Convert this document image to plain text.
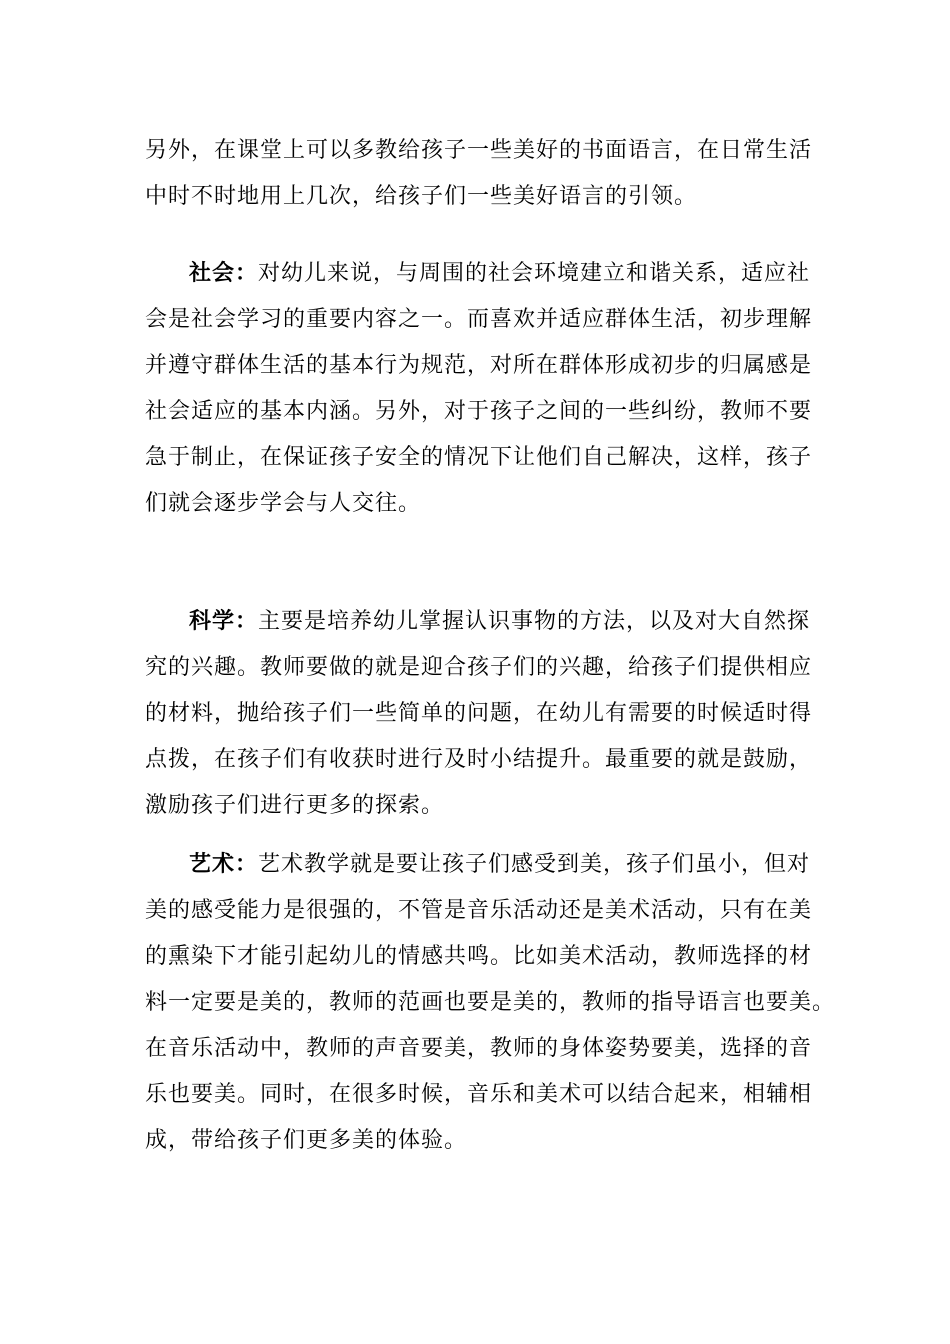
另外，在课堂上可以多教给孩子一些美好的书面语言，在日常生活
中时不时地用上几次，给孩子们一些美好语言的引领。

社会：对幼儿来说，与周围的社会环境建立和谐关系，适应社
会是社会学习的重要内容之一。而喜欢并适应群体生活，初步理解
并遵守群体生活的基本行为规范，对所在群体形成初步的归属感是
社会适应的基本内涵。另外，对于孩子之间的一些纠纷，教师不要
急于制止，在保证孩子安全的情况下让他们自己解决，这样，孩子
们就会逐步学会与人交往。

科学：主要是培养幼儿掌握认识事物的方法，以及对大自然探
究的兴趣。教师要做的就是迎合孩子们的兴趣，给孩子们提供相应
的材料，抛给孩子们一些简单的问题，在幼儿有需要的时候适时得
点拨，在孩子们有收获时进行及时小结提升。最重要的就是鼓励，
激励孩子们进行更多的探索。

艺术：艺术教学就是要让孩子们感受到美，孩子们虽小，但对
美的感受能力是很强的，不管是音乐活动还是美术活动，只有在美
的熏染下才能引起幼儿的情感共鸣。比如美术活动，教师选择的材
料一定要是美的，教师的范画也要是美的，教师的指导语言也要美。
在音乐活动中，教师的声音要美，教师的身体姿势要美，选择的音
乐也要美。同时，在很多时候，音乐和美术可以结合起来，相辅相
成，带给孩子们更多美的体验。
